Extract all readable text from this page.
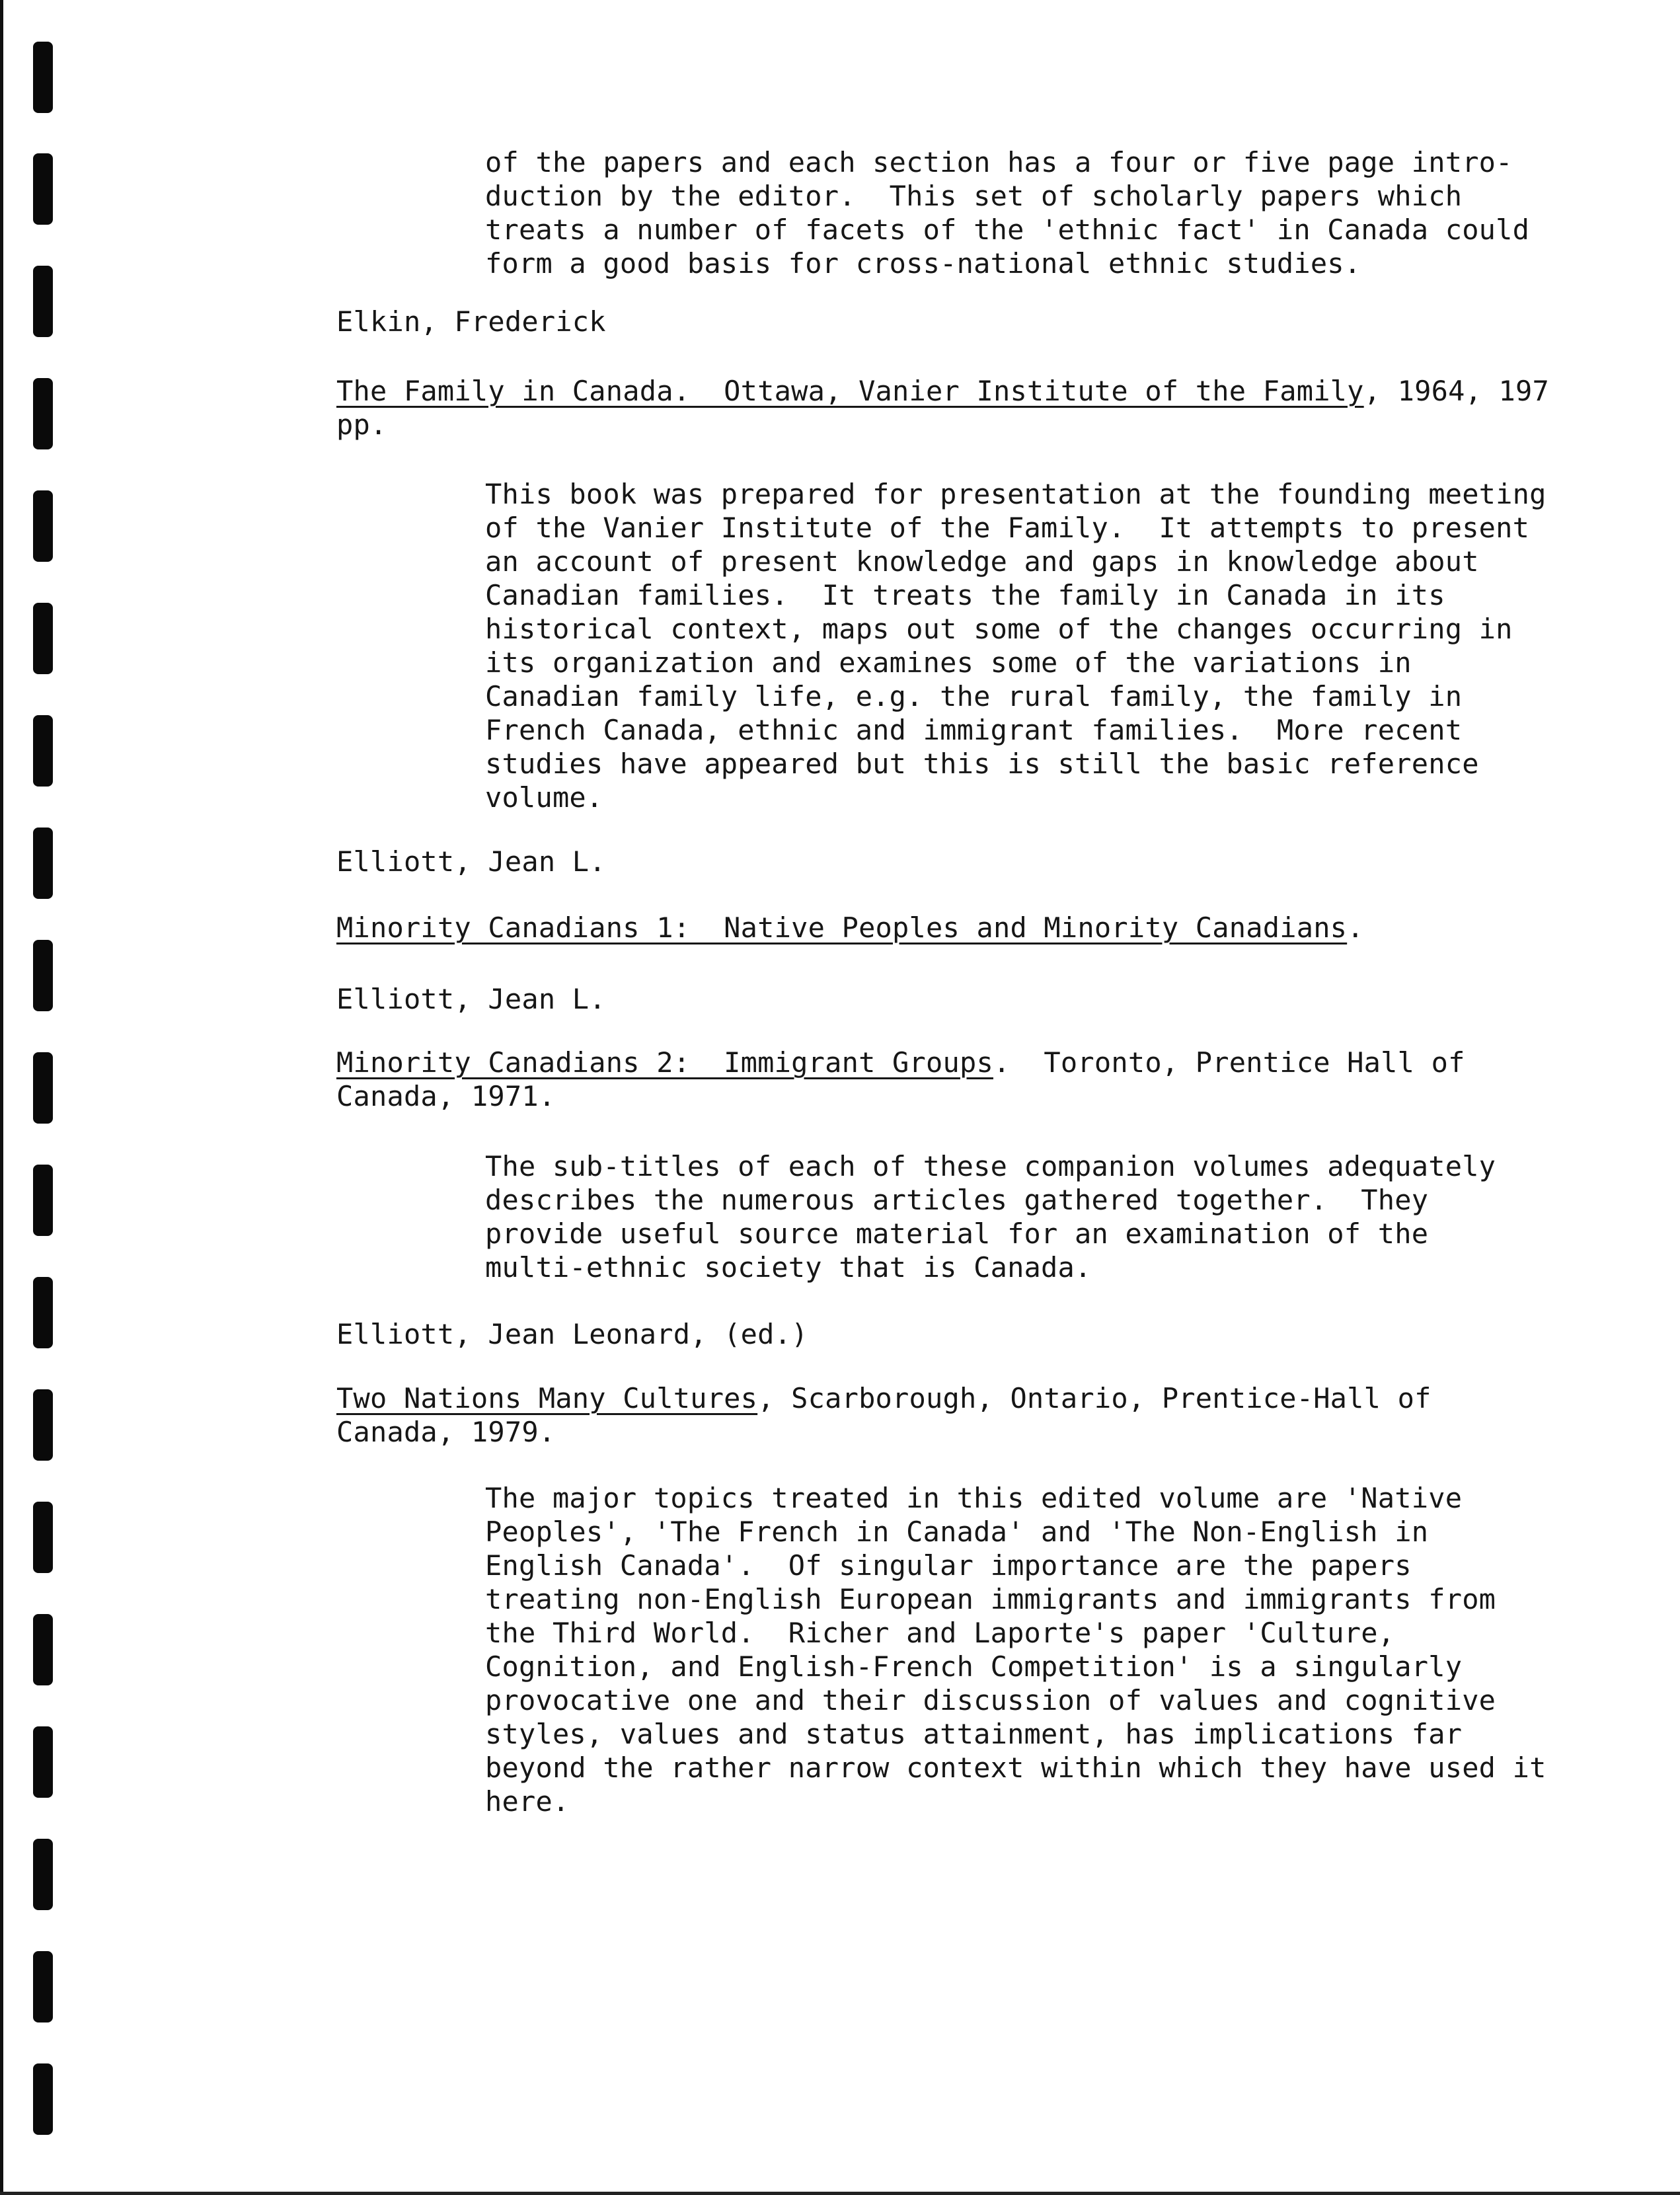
of the papers and each section has a four or five page intro-
duction by the editor.  This set of scholarly papers which
treats a number of facets of the 'ethnic fact' in Canada could
form a good basis for cross-national ethnic studies.

Elkin, Frederick

The Family in Canada.  Ottawa, Vanier Institute of the Family, 1964, 197
pp.

This book was prepared for presentation at the founding meeting
of the Vanier Institute of the Family.  It attempts to present
an account of present knowledge and gaps in knowledge about
Canadian families.  It treats the family in Canada in its
historical context, maps out some of the changes occurring in
its organization and examines some of the variations in
Canadian family life, e.g. the rural family, the family in
French Canada, ethnic and immigrant families.  More recent
studies have appeared but this is still the basic reference
volume.

Elliott, Jean L.

Minority Canadians 1:  Native Peoples and Minority Canadians.

Elliott, Jean L.

Minority Canadians 2:  Immigrant Groups.  Toronto, Prentice Hall of
Canada, 1971.

The sub-titles of each of these companion volumes adequately
describes the numerous articles gathered together.  They
provide useful source material for an examination of the
multi-ethnic society that is Canada.

Elliott, Jean Leonard, (ed.)

Two Nations Many Cultures, Scarborough, Ontario, Prentice-Hall of
Canada, 1979.

The major topics treated in this edited volume are 'Native
Peoples', 'The French in Canada' and 'The Non-English in
English Canada'.  Of singular importance are the papers
treating non-English European immigrants and immigrants from
the Third World.  Richer and Laporte's paper 'Culture,
Cognition, and English-French Competition' is a singularly
provocative one and their discussion of values and cognitive
styles, values and status attainment, has implications far
beyond the rather narrow context within which they have used it
here.
